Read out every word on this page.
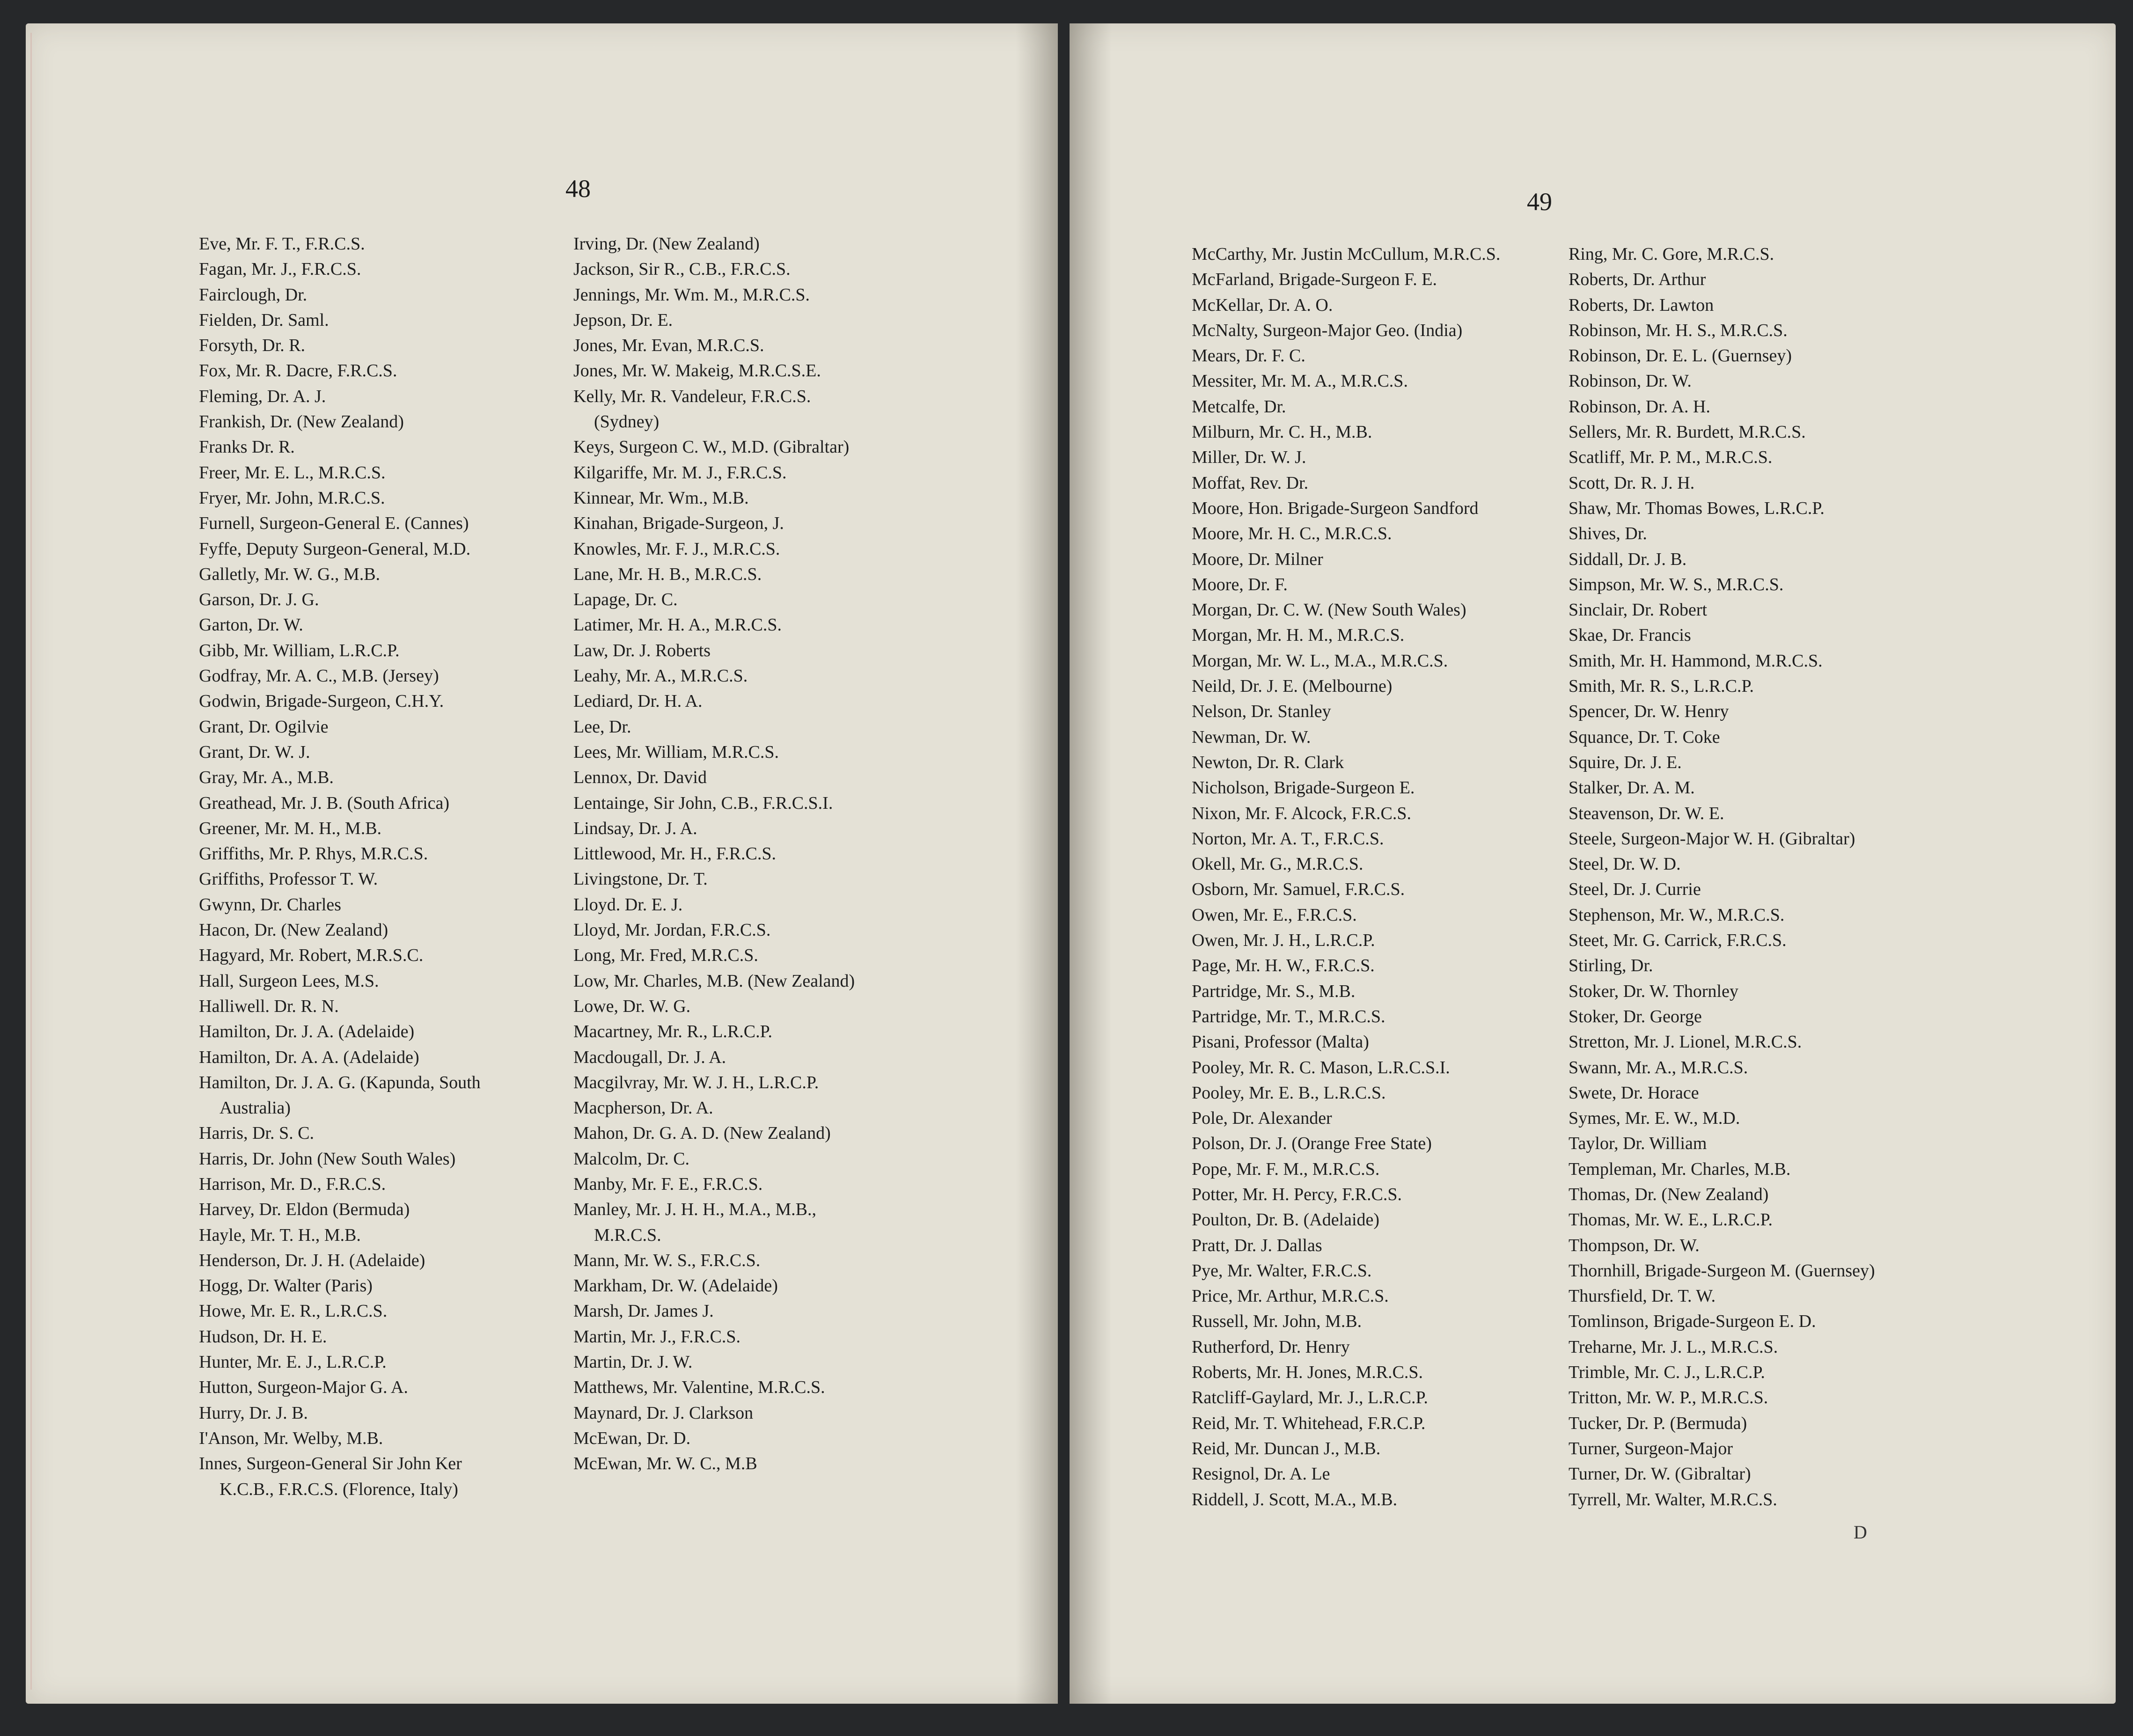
48

Eve, Mr. F. T., F.R.C.S.
Fagan, Mr. J., F.R.C.S.
Fairclough, Dr.
Fielden, Dr. Saml.
Forsyth, Dr. R.
Fox, Mr. R. Dacre, F.R.C.S.
Fleming, Dr. A. J.
Frankish, Dr. (New Zealand)
Franks Dr. R.
Freer, Mr. E. L., M.R.C.S.
Fryer, Mr. John, M.R.C.S.
Furnell, Surgeon-General E. (Cannes)
Fyffe, Deputy Surgeon-General, M.D.
Galletly, Mr. W. G., M.B.
Garson, Dr. J. G.
Garton, Dr. W.
Gibb, Mr. William, L.R.C.P.
Godfray, Mr. A. C., M.B. (Jersey)
Godwin, Brigade-Surgeon, C.H.Y.
Grant, Dr. Ogilvie
Grant, Dr. W. J.
Gray, Mr. A., M.B.
Greathead, Mr. J. B. (South Africa)
Greener, Mr. M. H., M.B.
Griffiths, Mr. P. Rhys, M.R.C.S.
Griffiths, Professor T. W.
Gwynn, Dr. Charles
Hacon, Dr. (New Zealand)
Hagyard, Mr. Robert, M.R.S.C.
Hall, Surgeon Lees, M.S.
Halliwell. Dr. R. N.
Hamilton, Dr. J. A. (Adelaide)
Hamilton, Dr. A. A. (Adelaide)
Hamilton, Dr. J. A. G. (Kapunda, South
Australia)
Harris, Dr. S. C.
Harris, Dr. John (New South Wales)
Harrison, Mr. D., F.R.C.S.
Harvey, Dr. Eldon (Bermuda)
Hayle, Mr. T. H., M.B.
Henderson, Dr. J. H. (Adelaide)
Hogg, Dr. Walter (Paris)
Howe, Mr. E. R., L.R.C.S.
Hudson, Dr. H. E.
Hunter, Mr. E. J., L.R.C.P.
Hutton, Surgeon-Major G. A.
Hurry, Dr. J. B.
I'Anson, Mr. Welby, M.B.
Innes, Surgeon-General Sir John Ker
K.C.B., F.R.C.S. (Florence, Italy)
Irving, Dr. (New Zealand)
Jackson, Sir R., C.B., F.R.C.S.
Jennings, Mr. Wm. M., M.R.C.S.
Jepson, Dr. E.
Jones, Mr. Evan, M.R.C.S.
Jones, Mr. W. Makeig, M.R.C.S.E.
Kelly, Mr. R. Vandeleur, F.R.C.S.
(Sydney)
Keys, Surgeon C. W., M.D. (Gibraltar)
Kilgariffe, Mr. M. J., F.R.C.S.
Kinnear, Mr. Wm., M.B.
Kinahan, Brigade-Surgeon, J.
Knowles, Mr. F. J., M.R.C.S.
Lane, Mr. H. B., M.R.C.S.
Lapage, Dr. C.
Latimer, Mr. H. A., M.R.C.S.
Law, Dr. J. Roberts
Leahy, Mr. A., M.R.C.S.
Lediard, Dr. H. A.
Lee, Dr.
Lees, Mr. William, M.R.C.S.
Lennox, Dr. David
Lentainge, Sir John, C.B., F.R.C.S.I.
Lindsay, Dr. J. A.
Littlewood, Mr. H., F.R.C.S.
Livingstone, Dr. T.
Lloyd. Dr. E. J.
Lloyd, Mr. Jordan, F.R.C.S.
Long, Mr. Fred, M.R.C.S.
Low, Mr. Charles, M.B. (New Zealand)
Lowe, Dr. W. G.
Macartney, Mr. R., L.R.C.P.
Macdougall, Dr. J. A.
Macgilvray, Mr. W. J. H., L.R.C.P.
Macpherson, Dr. A.
Mahon, Dr. G. A. D. (New Zealand)
Malcolm, Dr. C.
Manby, Mr. F. E., F.R.C.S.
Manley, Mr. J. H. H., M.A., M.B.,
M.R.C.S.
Mann, Mr. W. S., F.R.C.S.
Markham, Dr. W. (Adelaide)
Marsh, Dr. James J.
Martin, Mr. J., F.R.C.S.
Martin, Dr. J. W.
Matthews, Mr. Valentine, M.R.C.S.
Maynard, Dr. J. Clarkson
McEwan, Dr. D.
McEwan, Mr. W. C., M.B

49

McCarthy, Mr. Justin McCullum, M.R.C.S.
McFarland, Brigade-Surgeon F. E.
McKellar, Dr. A. O.
McNalty, Surgeon-Major Geo. (India)
Mears, Dr. F. C.
Messiter, Mr. M. A., M.R.C.S.
Metcalfe, Dr.
Milburn, Mr. C. H., M.B.
Miller, Dr. W. J.
Moffat, Rev. Dr.
Moore, Hon. Brigade-Surgeon Sandford
Moore, Mr. H. C., M.R.C.S.
Moore, Dr. Milner
Moore, Dr. F.
Morgan, Dr. C. W. (New South Wales)
Morgan, Mr. H. M., M.R.C.S.
Morgan, Mr. W. L., M.A., M.R.C.S.
Neild, Dr. J. E. (Melbourne)
Nelson, Dr. Stanley
Newman, Dr. W.
Newton, Dr. R. Clark
Nicholson, Brigade-Surgeon E.
Nixon, Mr. F. Alcock, F.R.C.S.
Norton, Mr. A. T., F.R.C.S.
Okell, Mr. G., M.R.C.S.
Osborn, Mr. Samuel, F.R.C.S.
Owen, Mr. E., F.R.C.S.
Owen, Mr. J. H., L.R.C.P.
Page, Mr. H. W., F.R.C.S.
Partridge, Mr. S., M.B.
Partridge, Mr. T., M.R.C.S.
Pisani, Professor (Malta)
Pooley, Mr. R. C. Mason, L.R.C.S.I.
Pooley, Mr. E. B., L.R.C.S.
Pole, Dr. Alexander
Polson, Dr. J. (Orange Free State)
Pope, Mr. F. M., M.R.C.S.
Potter, Mr. H. Percy, F.R.C.S.
Poulton, Dr. B. (Adelaide)
Pratt, Dr. J. Dallas
Pye, Mr. Walter, F.R.C.S.
Price, Mr. Arthur, M.R.C.S.
Russell, Mr. John, M.B.
Rutherford, Dr. Henry
Roberts, Mr. H. Jones, M.R.C.S.
Ratcliff-Gaylard, Mr. J., L.R.C.P.
Reid, Mr. T. Whitehead, F.R.C.P.
Reid, Mr. Duncan J., M.B.
Resignol, Dr. A. Le
Riddell, J. Scott, M.A., M.B.
Ring, Mr. C. Gore, M.R.C.S.
Roberts, Dr. Arthur
Roberts, Dr. Lawton
Robinson, Mr. H. S., M.R.C.S.
Robinson, Dr. E. L. (Guernsey)
Robinson, Dr. W.
Robinson, Dr. A. H.
Sellers, Mr. R. Burdett, M.R.C.S.
Scatliff, Mr. P. M., M.R.C.S.
Scott, Dr. R. J. H.
Shaw, Mr. Thomas Bowes, L.R.C.P.
Shives, Dr.
Siddall, Dr. J. B.
Simpson, Mr. W. S., M.R.C.S.
Sinclair, Dr. Robert
Skae, Dr. Francis
Smith, Mr. H. Hammond, M.R.C.S.
Smith, Mr. R. S., L.R.C.P.
Spencer, Dr. W. Henry
Squance, Dr. T. Coke
Squire, Dr. J. E.
Stalker, Dr. A. M.
Steavenson, Dr. W. E.
Steele, Surgeon-Major W. H. (Gibraltar)
Steel, Dr. W. D.
Steel, Dr. J. Currie
Stephenson, Mr. W., M.R.C.S.
Steet, Mr. G. Carrick, F.R.C.S.
Stirling, Dr.
Stoker, Dr. W. Thornley
Stoker, Dr. George
Stretton, Mr. J. Lionel, M.R.C.S.
Swann, Mr. A., M.R.C.S.
Swete, Dr. Horace
Symes, Mr. E. W., M.D.
Taylor, Dr. William
Templeman, Mr. Charles, M.B.
Thomas, Dr. (New Zealand)
Thomas, Mr. W. E., L.R.C.P.
Thompson, Dr. W.
Thornhill, Brigade-Surgeon M. (Guernsey)
Thursfield, Dr. T. W.
Tomlinson, Brigade-Surgeon E. D.
Treharne, Mr. J. L., M.R.C.S.
Trimble, Mr. C. J., L.R.C.P.
Tritton, Mr. W. P., M.R.C.S.
Tucker, Dr. P. (Bermuda)
Turner, Surgeon-Major
Turner, Dr. W. (Gibraltar)
Tyrrell, Mr. Walter, M.R.C.S.

D
